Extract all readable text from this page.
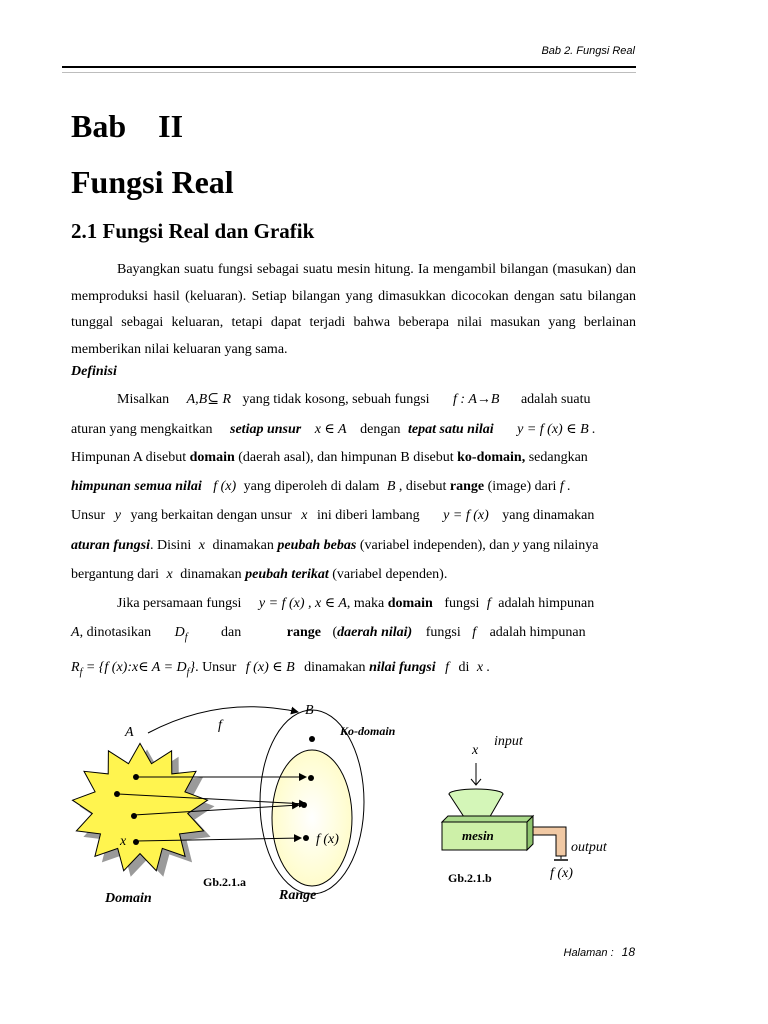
Bab 2. Fungsi Real
Bab    II
Fungsi Real
2.1 Fungsi Real dan Grafik
Bayangkan suatu fungsi sebagai suatu mesin hitung. Ia mengambil bilangan (masukan) dan memproduksi hasil (keluaran). Setiap bilangan yang dimasukkan dicocokan dengan satu bilangan tunggal sebagai keluaran, tetapi dapat terjadi bahwa beberapa nilai masukan yang berlainan memberikan nilai keluaran yang sama.
Definisi
Misalkan A,B⊆ R yang tidak kosong, sebuah fungsi f : A→B adalah suatu
aturan yang mengkaitkan setiap unsur x ∈ A dengan tepat satu nilai y = f (x) ∈ B .
Himpunan A disebut domain (daerah asal), dan himpunan B disebut ko-domain, sedangkan
himpunan semua nilai f (x) yang diperoleh di dalam B , disebut range (image) dari f .
Unsur y yang berkaitan dengan unsur x ini diberi lambang y = f (x) yang dinamakan
aturan fungsi. Disini x dinamakan peubah bebas (variabel independen), dan y yang nilainya
bergantung dari x dinamakan peubah terikat (variabel dependen).
Jika persamaan fungsi y = f (x) , x ∈ A, maka domain fungsi f adalah himpunan
A, dinotasikan $D_f$ dan	range (daerah nilai) fungsi f adalah himpunan
$R_f = \{f$ (x):x∈ $A = D_f$}. Unsur f (x) ∈ B dinamakan nilai fungsi f di x .
A
B
f	Ko-domain
x	f (x)
Gb.2.1.a
Domain	Range
input
x
mesin
output
f (x)
Gb.2.1.b
Halaman : 18
